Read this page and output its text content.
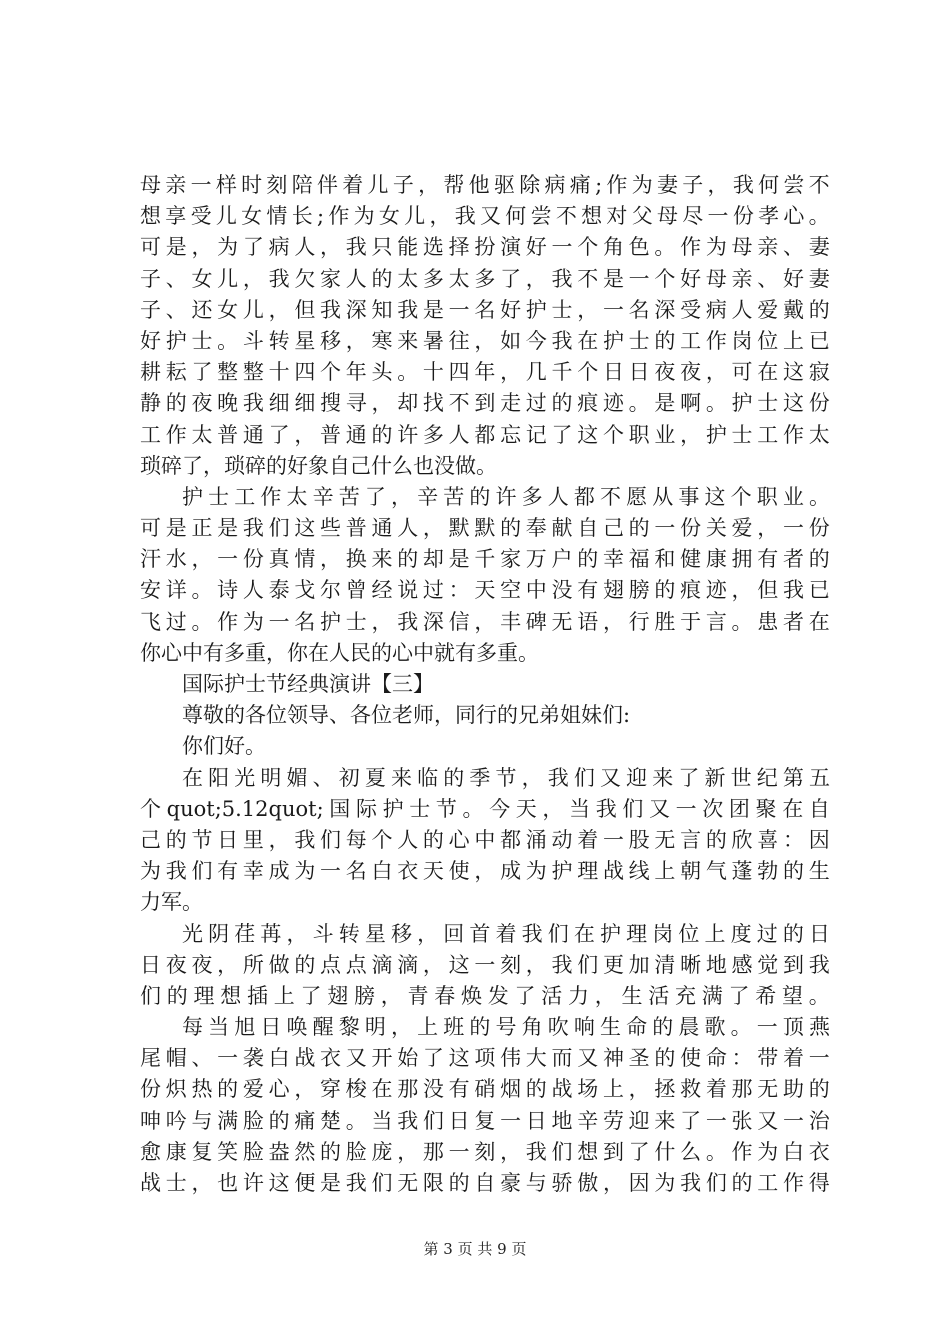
母 亲 一 样 时 刻 陪 伴 着 儿 子 ， 帮 他 驱 除 病 痛 ; 作 为 妻 子 ， 我 何 尝 不
想 享 受 儿 女 情 长 ; 作 为 女 儿 ， 我 又 何 尝 不 想 对 父 母 尽 一 份 孝 心 。
可 是 ， 为 了 病 人 ， 我 只 能 选 择 扮 演 好 一 个 角 色 。 作 为 母 亲 、 妻
子 、 女 儿 ， 我 欠 家 人 的 太 多 太 多 了 ， 我 不 是 一 个 好 母 亲 、 好 妻
子 、 还 女 儿 ， 但 我 深 知 我 是 一 名 好 护 士 ， 一 名 深 受 病 人 爱 戴 的
好 护 士 。 斗 转 星 移 ， 寒 来 暑 往 ， 如 今 我 在 护 士 的 工 作 岗 位 上 已
耕 耘 了 整 整 十 四 个 年 头 。 十 四 年 ， 几 千 个 日 日 夜 夜 ， 可 在 这 寂
静 的 夜 晚 我 细 细 搜 寻 ， 却 找 不 到 走 过 的 痕 迹 。 是 啊 。 护 士 这 份
工 作 太 普 通 了 ， 普 通 的 许 多 人 都 忘 记 了 这 个 职 业 ， 护 士 工 作 太
琐碎了，琐碎的好象自己什么也没做。
护 士 工 作 太 辛 苦 了 ， 辛 苦 的 许 多 人 都 不 愿 从 事 这 个 职 业 。
可 是 正 是 我 们 这 些 普 通 人 ， 默 默 的 奉 献 自 己 的 一 份 关 爱 ， 一 份
汗 水 ， 一 份 真 情 ， 换 来 的 却 是 千 家 万 户 的 幸 福 和 健 康 拥 有 者 的
安 详 。 诗 人 泰 戈 尔 曾 经 说 过 ： 天 空 中 没 有 翅 膀 的 痕 迹 ， 但 我 已
飞 过 。 作 为 一 名 护 士 ， 我 深 信 ， 丰 碑 无 语 ， 行 胜 于 言 。 患 者 在
你心中有多重，你在人民的心中就有多重。
国际护士节经典演讲【三】
尊敬的各位领导、各位老师，同行的兄弟姐妹们:
你们好。
在 阳 光 明 媚 、 初 夏 来 临 的 季 节 ， 我 们 又 迎 来 了 新 世 纪 第 五
个 quot;5.12quot; 国 际 护 士 节 。 今 天 ， 当 我 们 又 一 次 团 聚 在 自
己 的 节 日 里 ， 我 们 每 个 人 的 心 中 都 涌 动 着 一 股 无 言 的 欣 喜 ： 因
为 我 们 有 幸 成 为 一 名 白 衣 天 使 ， 成 为 护 理 战 线 上 朝 气 蓬 勃 的 生
力军。
光 阴 荏 苒 ， 斗 转 星 移 ， 回 首 着 我 们 在 护 理 岗 位 上 度 过 的 日
日 夜 夜 ， 所 做 的 点 点 滴 滴 ， 这 一 刻 ， 我 们 更 加 清 晰 地 感 觉 到 我
们 的 理 想 插 上 了 翅 膀 ， 青 春 焕 发 了 活 力 ， 生 活 充 满 了 希 望 。
每 当 旭 日 唤 醒 黎 明 ， 上 班 的 号 角 吹 响 生 命 的 晨 歌 。 一 顶 燕
尾 帽 、 一 袭 白 战 衣 又 开 始 了 这 项 伟 大 而 又 神 圣 的 使 命 ： 带 着 一
份 炽 热 的 爱 心 ， 穿 梭 在 那 没 有 硝 烟 的 战 场 上 ， 拯 救 着 那 无 助 的
呻 吟 与 满 脸 的 痛 楚 。 当 我 们 日 复 一 日 地 辛 劳 迎 来 了 一 张 又 一 治
愈 康 复 笑 脸 盎 然 的 脸 庞 ， 那 一 刻 ， 我 们 想 到 了 什 么 。 作 为 白 衣
战 士 ， 也 许 这 便 是 我 们 无 限 的 自 豪 与 骄 傲 ， 因 为 我 们 的 工 作 得
第 3 页 共 9 页
